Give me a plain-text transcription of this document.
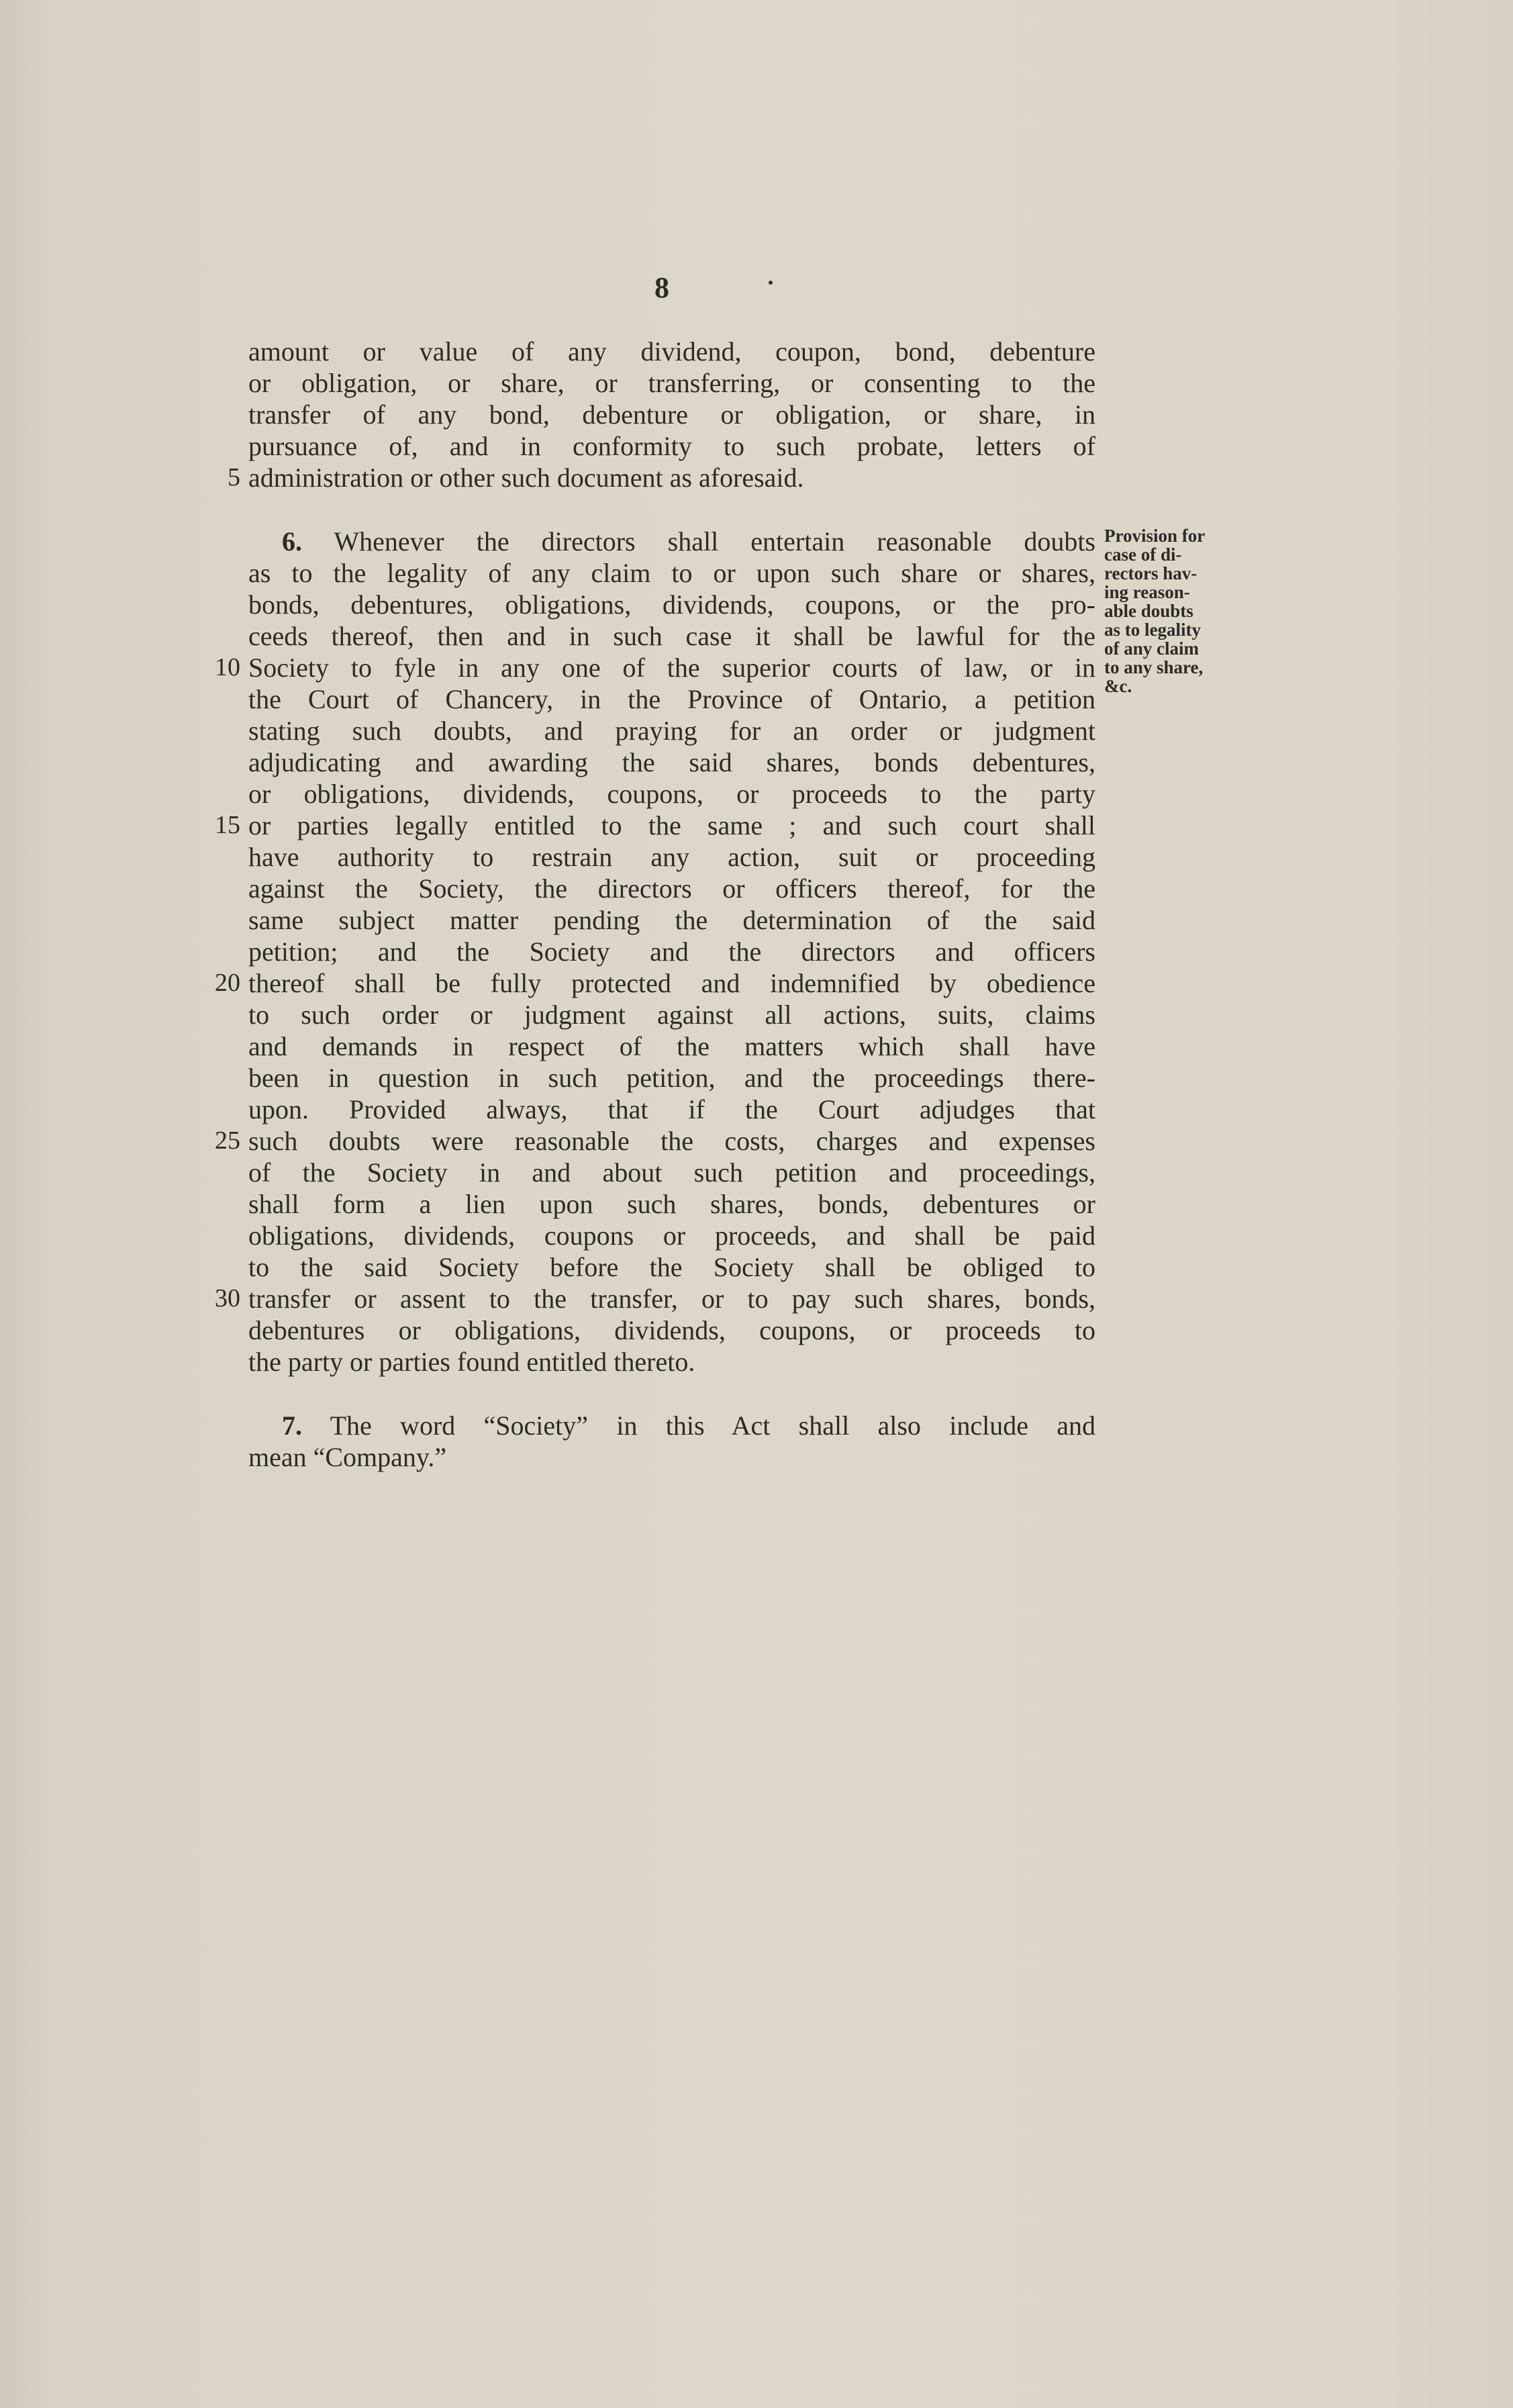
8
amount or value of any dividend, coupon, bond, debenture
or obligation, or share, or transferring, or consenting to the
transfer of any bond, debenture or obligation, or share, in
pursuance of, and in conformity to such probate, letters of
5 administration or other such document as aforesaid.
6. Whenever the directors shall entertain reasonable doubts
as to the legality of any claim to or upon such share or shares,
bonds, debentures, obligations, dividends, coupons, or the pro-
ceeds thereof, then and in such case it shall be lawful for the
10 Society to fyle in any one of the superior courts of law, or in
the Court of Chancery, in the Province of Ontario, a petition
stating such doubts, and praying for an order or judgment
adjudicating and awarding the said shares, bonds debentures,
or obligations, dividends, coupons, or proceeds to the party
15 or parties legally entitled to the same ; and such court shall
have authority to restrain any action, suit or proceeding
against the Society, the directors or officers thereof, for the
same subject matter pending the determination of the said
petition; and the Society and the directors and officers
20 thereof shall be fully protected and indemnified by obedience
to such order or judgment against all actions, suits, claims
and demands in respect of the matters which shall have
been in question in such petition, and the proceedings there-
upon. Provided always, that if the Court adjudges that
25 such doubts were reasonable the costs, charges and expenses
of the Society in and about such petition and proceedings,
shall form a lien upon such shares, bonds, debentures or
obligations, dividends, coupons or proceeds, and shall be paid
to the said Society before the Society shall be obliged to
30 transfer or assent to the transfer, or to pay such shares, bonds,
debentures or obligations, dividends, coupons, or proceeds to
the party or parties found entitled thereto.
7. The word “Society” in this Act shall also include and
mean “Company.”
Provision for
case of di-
rectors hav-
ing reason-
able doubts
as to legality
of any claim
to any share,
&c.
